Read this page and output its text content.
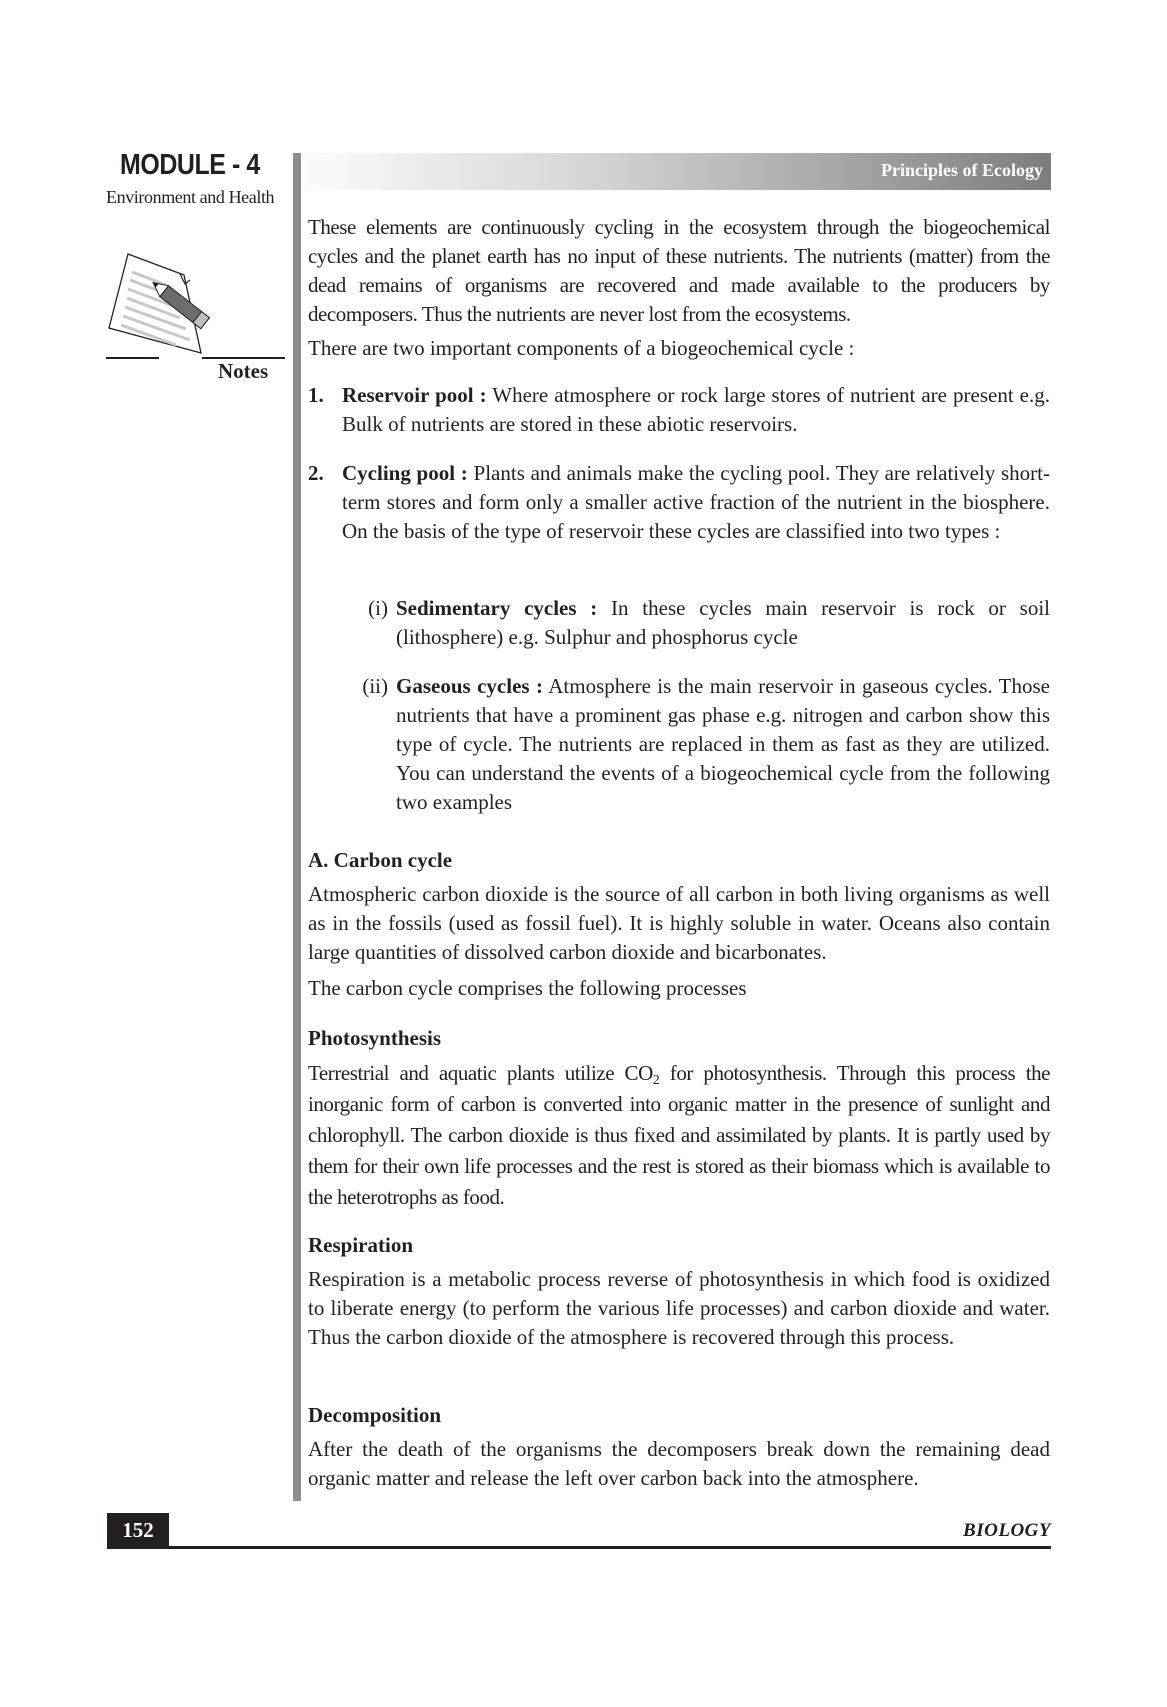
MODULE - 4
Environment and Health
Notes
Principles of Ecology

These elements are continuously cycling in the ecosystem through the biogeochemical cycles and the planet earth has no input of these nutrients. The nutrients (matter) from the dead remains of organisms are recovered and made available to the producers by decomposers. Thus the nutrients are never lost from the ecosystems.

There are two important components of a biogeochemical cycle :

1. Reservoir pool : Where atmosphere or rock large stores of nutrient are present e.g. Bulk of nutrients are stored in these abiotic reservoirs.
2. Cycling pool : Plants and animals make the cycling pool. They are relatively short-term stores and form only a smaller active fraction of the nutrient in the biosphere. On the basis of the type of reservoir these cycles are classified into two types :
(i) Sedimentary cycles : In these cycles main reservoir is rock or soil (lithosphere) e.g. Sulphur and phosphorus cycle
(ii) Gaseous cycles : Atmosphere is the main reservoir in gaseous cycles. Those nutrients that have a prominent gas phase e.g. nitrogen and carbon show this type of cycle. The nutrients are replaced in them as fast as they are utilized. You can understand the events of a biogeochemical cycle from the following two examples
A. Carbon cycle

Atmospheric carbon dioxide is the source of all carbon in both living organisms as well as in the fossils (used as fossil fuel). It is highly soluble in water. Oceans also contain large quantities of dissolved carbon dioxide and bicarbonates.

The carbon cycle comprises the following processes

Photosynthesis

Terrestrial and aquatic plants utilize $CO_2$ for photosynthesis. Through this process the inorganic form of carbon is converted into organic matter in the presence of sunlight and chlorophyll. The carbon dioxide is thus fixed and assimilated by plants. It is partly used by them for their own life processes and the rest is stored as their biomass which is available to the heterotrophs as food.

Respiration

Respiration is a metabolic process reverse of photosynthesis in which food is oxidized to liberate energy (to perform the various life processes) and carbon dioxide and water. Thus the carbon dioxide of the atmosphere is recovered through this process.

Decomposition

After the death of the organisms the decomposers break down the remaining dead organic matter and release the left over carbon back into the atmosphere.

152	BIOLOGY
